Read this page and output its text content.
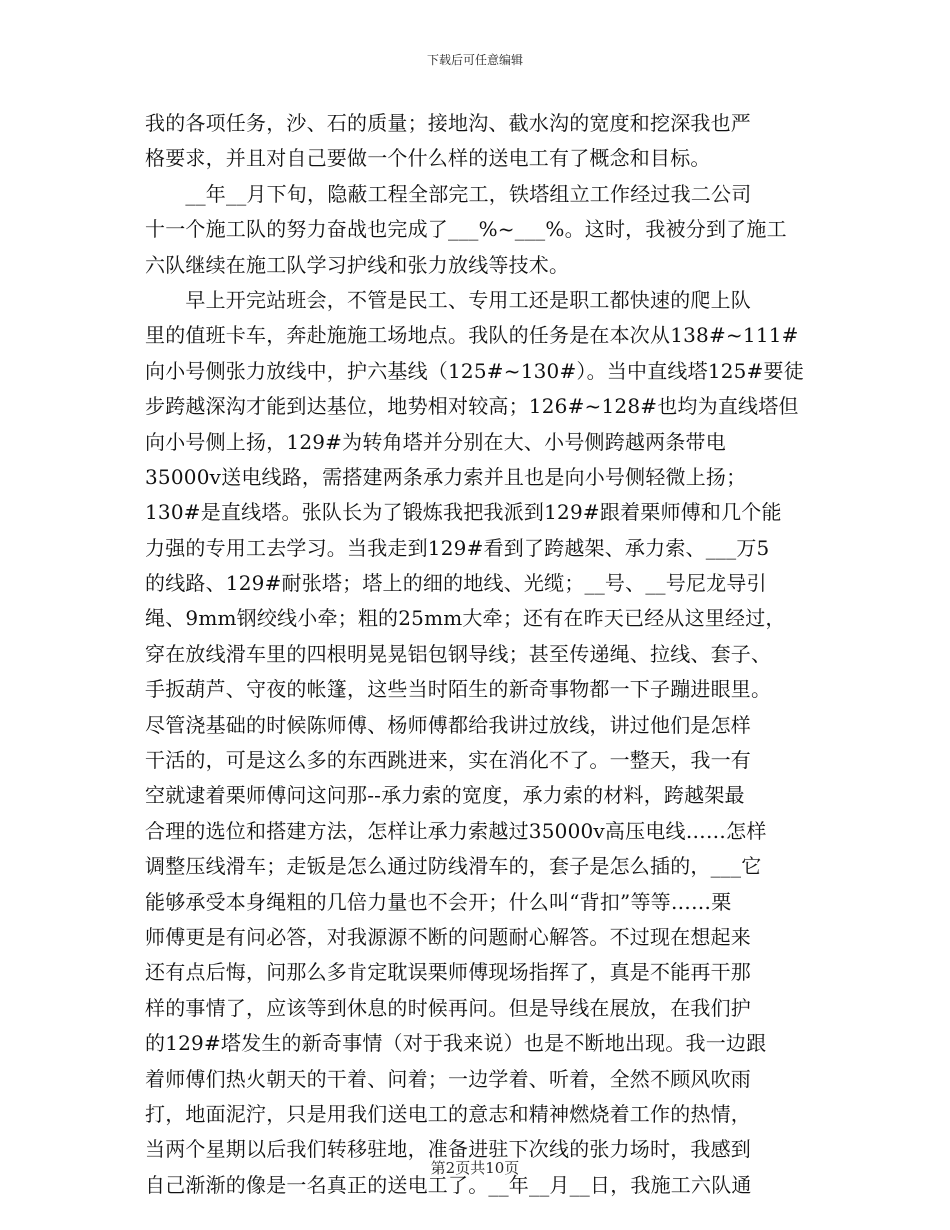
下载后可任意编辑
我的各项任务，沙、石的质量；接地沟、截水沟的宽度和挖深我也严
格要求，并且对自己要做一个什么样的送电工有了概念和目标。
　　__年__月下旬，隐蔽工程全部完工，铁塔组立工作经过我二公司
十一个施工队的努力奋战也完成了___%~___%。这时，我被分到了施工
六队继续在施工队学习护线和张力放线等技术。
　　早上开完站班会，不管是民工、专用工还是职工都快速的爬上队
里的值班卡车，奔赴施施工场地点。我队的任务是在本次从138#~111#
向小号侧张力放线中，护六基线（125#~130#）。当中直线塔125#要徒
步跨越深沟才能到达基位，地势相对较高；126#~128#也均为直线塔但
向小号侧上扬，129#为转角塔并分别在大、小号侧跨越两条带电
35000v送电线路，需搭建两条承力索并且也是向小号侧轻微上扬；
130#是直线塔。张队长为了锻炼我把我派到129#跟着栗师傅和几个能
力强的专用工去学习。当我走到129#看到了跨越架、承力索、___万5
的线路、129#耐张塔；塔上的细的地线、光缆；__号、__号尼龙导引
绳、9mm钢绞线小牵；粗的25mm大牵；还有在昨天已经从这里经过，
穿在放线滑车里的四根明晃晃铝包钢导线；甚至传递绳、拉线、套子、
手扳葫芦、守夜的帐篷，这些当时陌生的新奇事物都一下子蹦进眼里。
尽管浇基础的时候陈师傅、杨师傅都给我讲过放线，讲过他们是怎样
干活的，可是这么多的东西跳进来，实在消化不了。一整天，我一有
空就逮着栗师傅问这问那--承力索的宽度，承力索的材料，跨越架最
合理的选位和搭建方法，怎样让承力索越过35000v高压电线……怎样
调整压线滑车；走钣是怎么通过防线滑车的，套子是怎么插的，___它
能够承受本身绳粗的几倍力量也不会开；什么叫“背扣”等等……栗
师傅更是有问必答，对我源源不断的问题耐心解答。不过现在想起来
还有点后悔，问那么多肯定耽误栗师傅现场指挥了，真是不能再干那
样的事情了，应该等到休息的时候再问。但是导线在展放，在我们护
的129#塔发生的新奇事情（对于我来说）也是不断地出现。我一边跟
着师傅们热火朝天的干着、问着；一边学着、听着，全然不顾风吹雨
打，地面泥泞，只是用我们送电工的意志和精神燃烧着工作的热情，
当两个星期以后我们转移驻地，准备进驻下次线的张力场时，我感到
自己渐渐的像是一名真正的送电工了。__年__月__日，我施工六队通
第2页共10页
